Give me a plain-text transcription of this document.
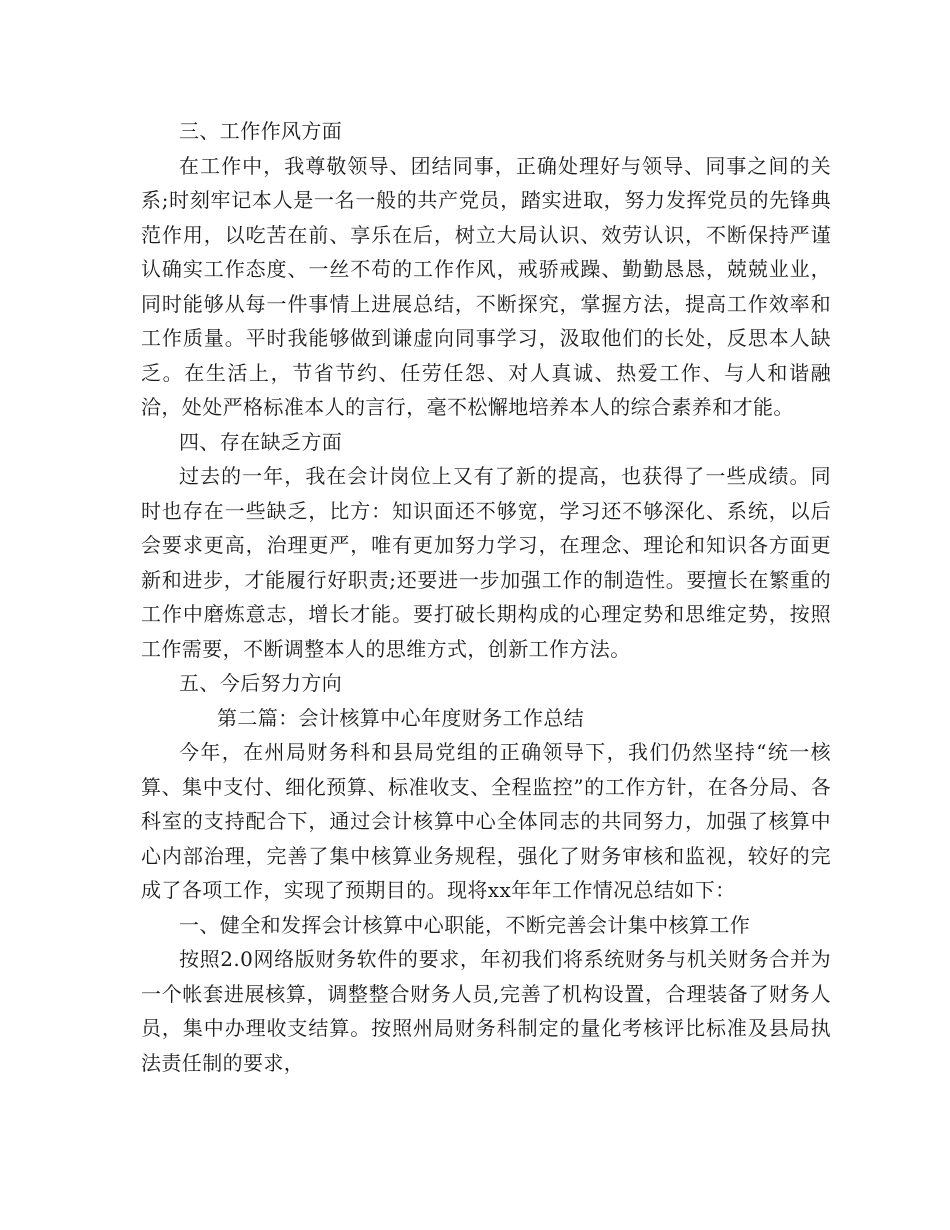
三、工作作风方面

在工作中，我尊敬领导、团结同事，正确处理好与领导、同事之间的关系;时刻牢记本人是一名一般的共产党员，踏实进取，努力发挥党员的先锋典范作用，以吃苦在前、享乐在后，树立大局认识、效劳认识，不断保持严谨认确实工作态度、一丝不苟的工作作风，戒骄戒躁、勤勤恳恳，兢兢业业，同时能够从每一件事情上进展总结，不断探究，掌握方法，提高工作效率和工作质量。平时我能够做到谦虚向同事学习，汲取他们的长处，反思本人缺乏。在生活上，节省节约、任劳任怨、对人真诚、热爱工作、与人和谐融洽，处处严格标准本人的言行，毫不松懈地培养本人的综合素养和才能。

四、存在缺乏方面

过去的一年，我在会计岗位上又有了新的提高，也获得了一些成绩。同时也存在一些缺乏，比方：知识面还不够宽，学习还不够深化、系统，以后会要求更高，治理更严，唯有更加努力学习，在理念、理论和知识各方面更新和进步，才能履行好职责;还要进一步加强工作的制造性。要擅长在繁重的工作中磨炼意志，增长才能。要打破长期构成的心理定势和思维定势，按照工作需要，不断调整本人的思维方式，创新工作方法。

五、今后努力方向

第二篇：会计核算中心年度财务工作总结

今年，在州局财务科和县局党组的正确领导下，我们仍然坚持“统一核算、集中支付、细化预算、标准收支、全程监控”的工作方针，在各分局、各科室的支持配合下，通过会计核算中心全体同志的共同努力，加强了核算中心内部治理，完善了集中核算业务规程，强化了财务审核和监视，较好的完成了各项工作，实现了预期目的。现将xx年年工作情况总结如下：

一、健全和发挥会计核算中心职能，不断完善会计集中核算工作

按照2.0网络版财务软件的要求，年初我们将系统财务与机关财务合并为一个帐套进展核算，调整整合财务人员,完善了机构设置，合理装备了财务人员，集中办理收支结算。按照州局财务科制定的量化考核评比标准及县局执法责任制的要求，
